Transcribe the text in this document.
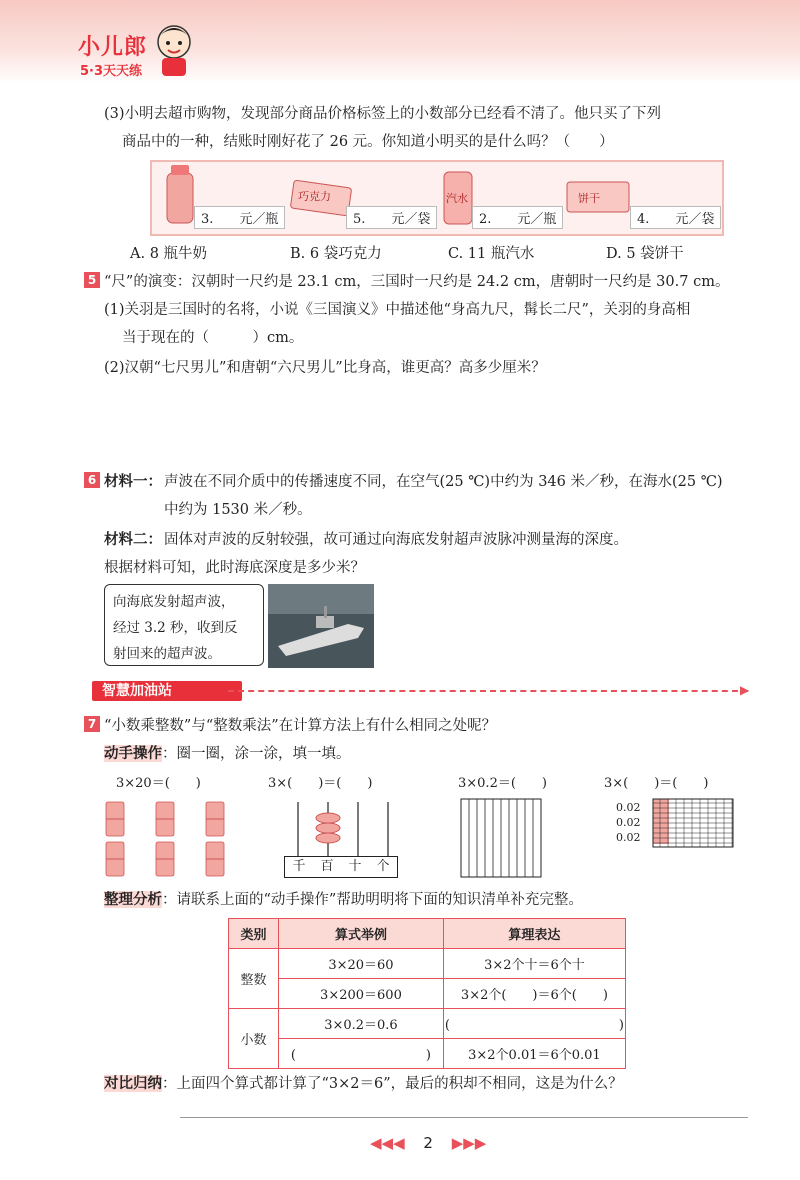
小儿郎
5·3天天练
(3)小明去超市购物，发现部分商品价格标签上的小数部分已经看不清了。他只买了下列
商品中的一种，结账时刚好花了 26 元。你知道小明买的是什么吗？（　　）
3.　　元／瓶
巧克力
5.　　元／袋
汽水
2.　　元／瓶
饼干
4.　　元／袋
A. 8 瓶牛奶	B. 6 袋巧克力	C. 11 瓶汽水	D. 5 袋饼干
5 “尺”的演变：汉朝时一尺约是 23.1 cm，三国时一尺约是 24.2 cm，唐朝时一尺约是 30.7 cm。
(1)关羽是三国时的名将，小说《三国演义》中描述他“身高九尺，髯长二尺”，关羽的身高相
当于现在的（　　　）cm。
(2)汉朝“七尺男儿”和唐朝“六尺男儿”比身高，谁更高？高多少厘米？
6 材料一： 声波在不同介质中的传播速度不同，在空气(25 ℃)中约为 346 米／秒，在海水(25 ℃)
中约为 1530 米／秒。
材料二： 固体对声波的反射较强，故可通过向海底发射超声波脉冲测量海的深度。
根据材料可知，此时海底深度是多少米？
向海底发射超声波，
经过 3.2 秒，收到反
射回来的超声波。
智慧加油站	▶
7 “小数乘整数”与“整数乘法”在计算方法上有什么相同之处呢？
动手操作：圈一圈，涂一涂，填一填。
3×20＝(　　)	3×(　　)＝(　　)	3×0.2＝(　　)	3×(　　)＝(　　)
千 百 十 个
0.02
0.02
0.02
整理分析：请联系上面的“动手操作”帮助明明将下面的知识清单补充完整。
类别	算式举例	算理表达
整数	3×20＝60	3×2个十＝6个十
	3×200＝600	3×2个(　　)＝6个(　　)
小数	3×0.2＝0.6	(　　　　　　　　　　　　　)
	(　　　　　　　　　　)	3×2个0.01＝6个0.01
对比归纳：上面四个算式都计算了“3×2＝6”，最后的积却不相同，这是为什么？
◀◀◀ 2 ▶▶▶
